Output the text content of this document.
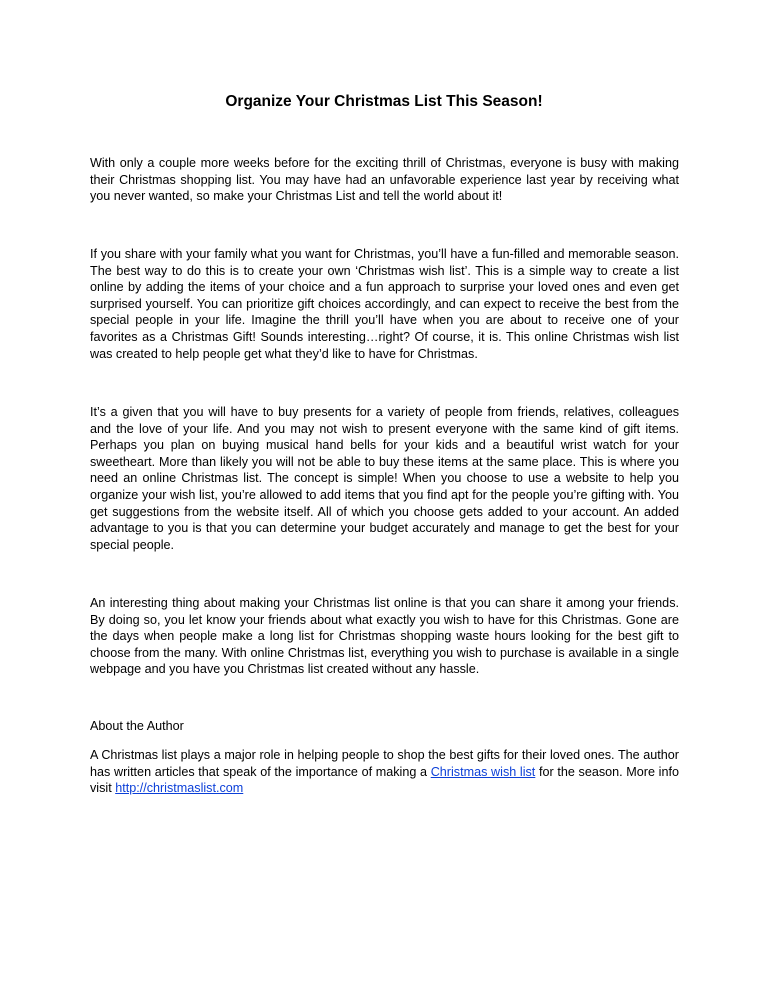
Organize Your Christmas List This Season!

With only a couple more weeks before for the exciting thrill of Christmas, everyone is busy with making their Christmas shopping list. You may have had an unfavorable experience last year by receiving what you never wanted, so make your Christmas List and tell the world about it!

If you share with your family what you want for Christmas, you’ll have a fun-filled and memorable season. The best way to do this is to create your own ‘Christmas wish list’. This is a simple way to create a list online by adding the items of your choice and a fun approach to surprise your loved ones and even get surprised yourself. You can prioritize gift choices accordingly, and can expect to receive the best from the special people in your life. Imagine the thrill you’ll have when you are about to receive one of your favorites as a Christmas Gift! Sounds interesting…right? Of course, it is. This online Christmas wish list was created to help people get what they’d like to have for Christmas.

It’s a given that you will have to buy presents for a variety of people from friends, relatives, colleagues and the love of your life. And you may not wish to present everyone with the same kind of gift items. Perhaps you plan on buying musical hand bells for your kids and a beautiful wrist watch for your sweetheart. More than likely you will not be able to buy these items at the same place. This is where you need an online Christmas list. The concept is simple! When you choose to use a website to help you organize your wish list, you’re allowed to add items that you find apt for the people you’re gifting with. You get suggestions from the website itself. All of which you choose gets added to your account. An added advantage to you is that you can determine your budget accurately and manage to get the best for your special people.

An interesting thing about making your Christmas list online is that you can share it among your friends. By doing so, you let know your friends about what exactly you wish to have for this Christmas. Gone are the days when people make a long list for Christmas shopping waste hours looking for the best gift to choose from the many. With online Christmas list, everything you wish to purchase is available in a single webpage and you have you Christmas list created without any hassle.

About the Author

A Christmas list plays a major role in helping people to shop the best gifts for their loved ones. The author has written articles that speak of the importance of making a Christmas wish list for the season. More info visit http://christmaslist.com
